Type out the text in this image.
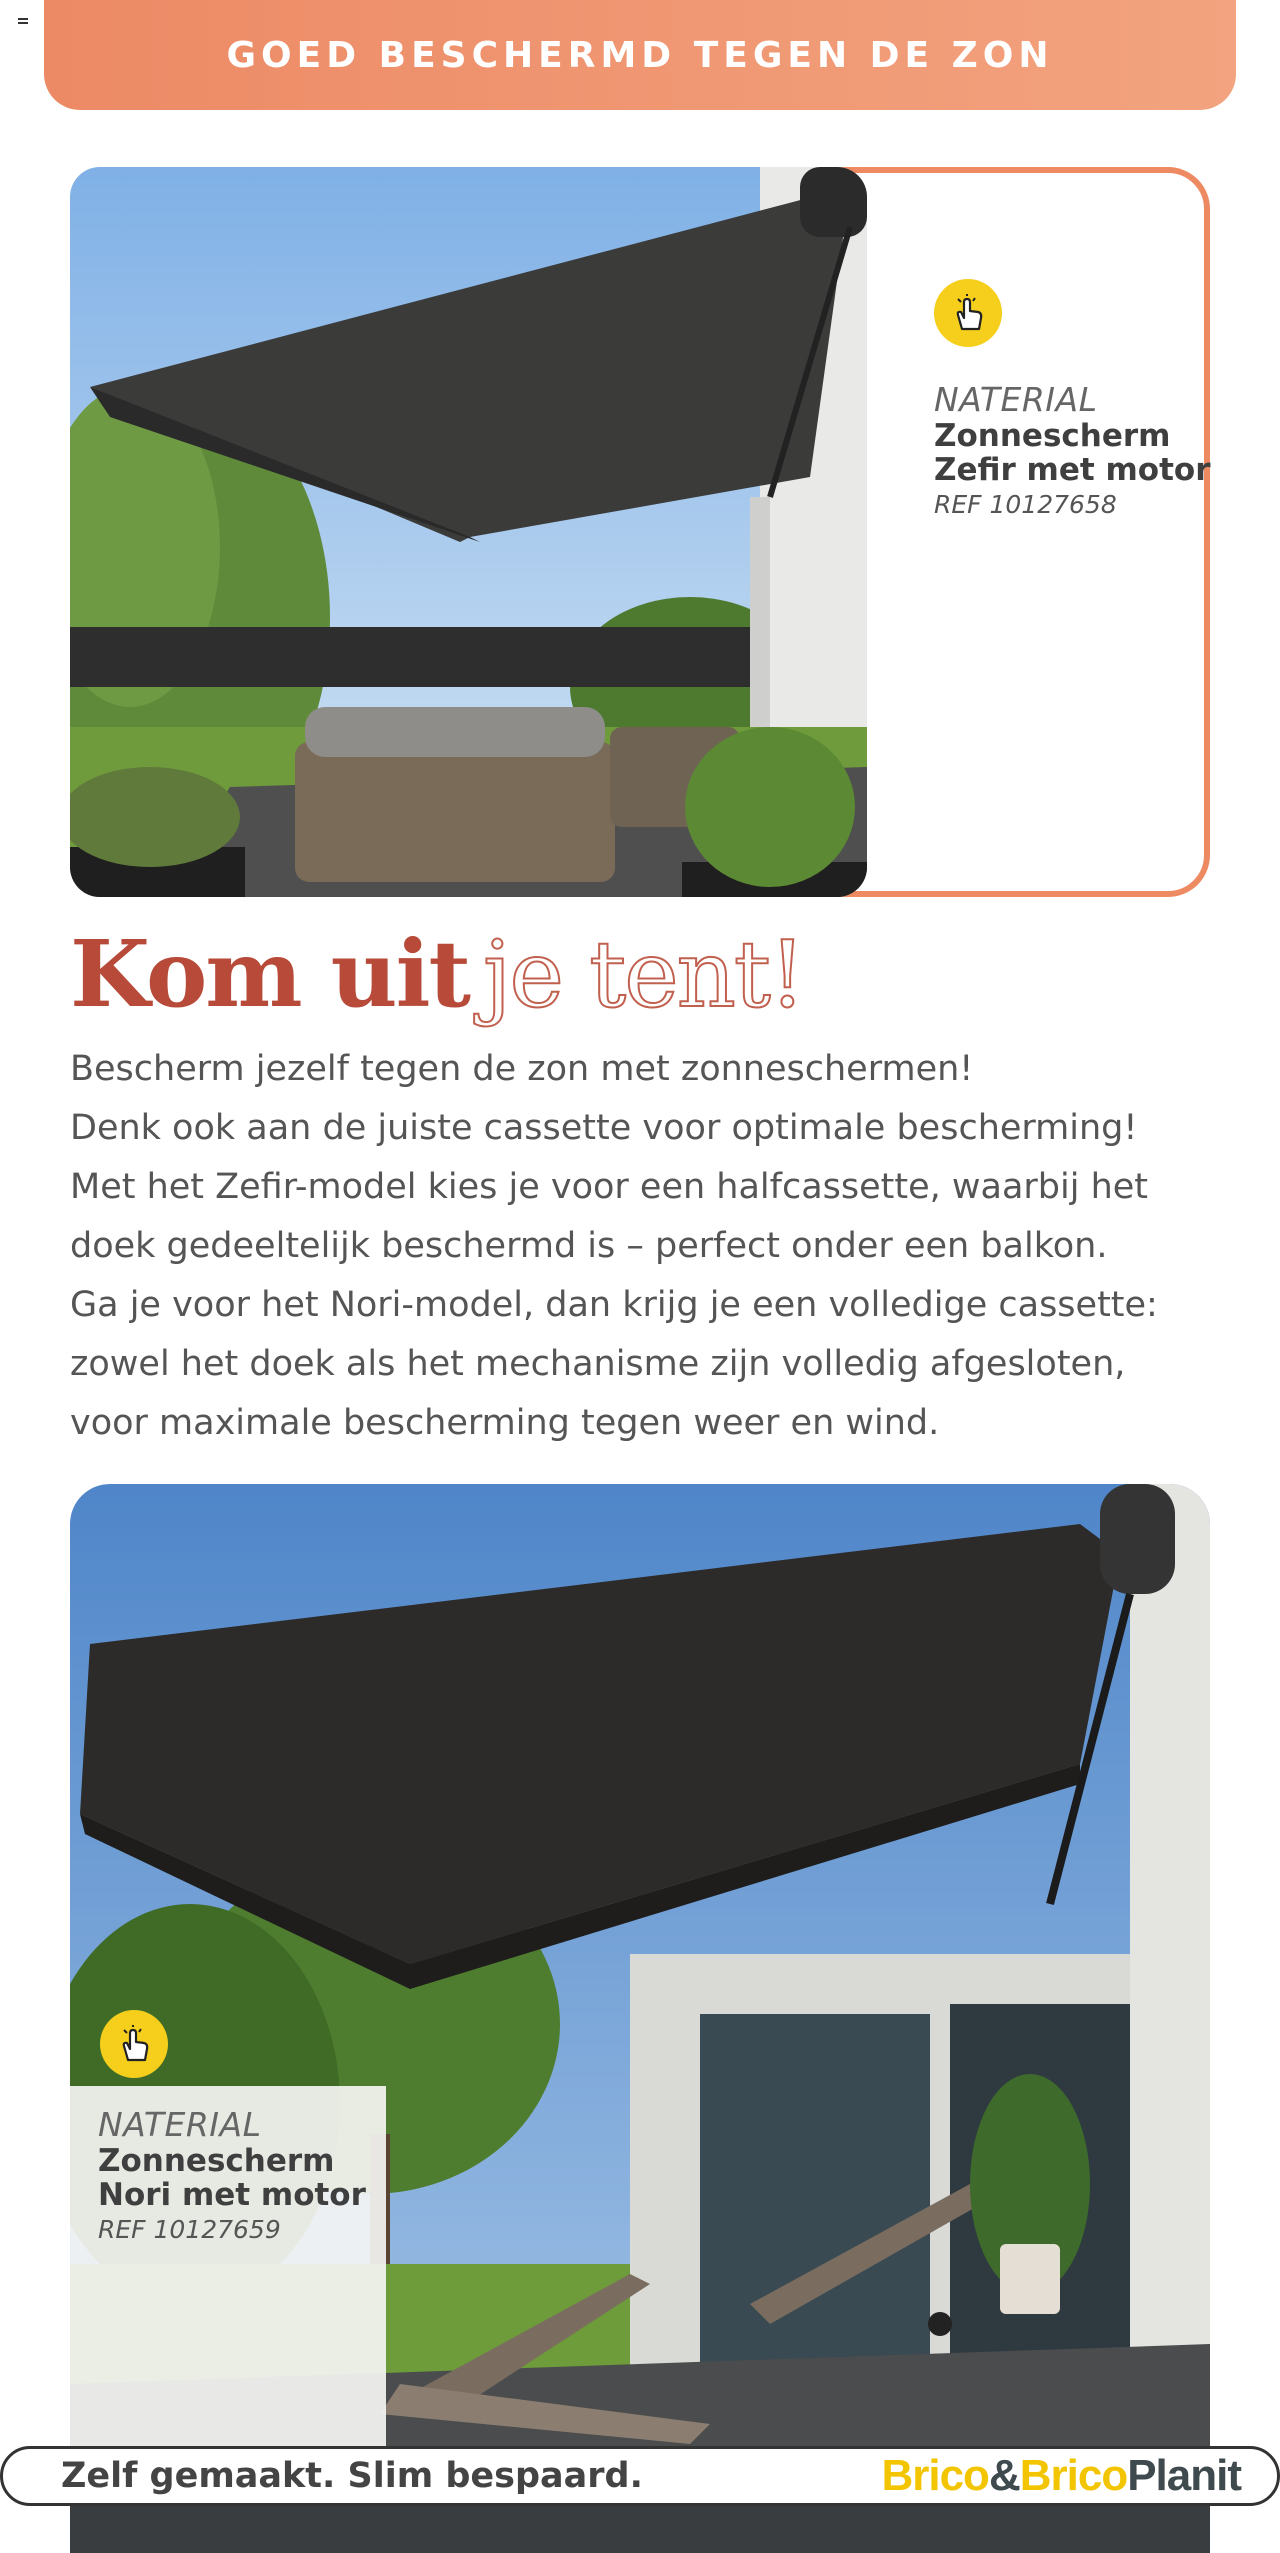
GOED BESCHERMD TEGEN DE ZON
NATERIAL
Zonnescherm
Zefir met motor
REF 10127658
Kom uit je tent!

Bescherm jezelf tegen de zon met zonneschermen!

Denk ook aan de juiste cassette voor optimale bescherming!

Met het Zefir-model kies je voor een halfcassette, waarbij het

doek gedeeltelijk beschermd is – perfect onder een balkon.

Ga je voor het Nori-model, dan krijg je een volledige cassette:

zowel het doek als het mechanisme zijn volledig afgesloten,

voor maximale bescherming tegen weer en wind.

NATERIAL
Zonnescherm
Nori met motor
REF 10127659
Zelf gemaakt. Slim bespaard.	Brico&BricoPlanit
